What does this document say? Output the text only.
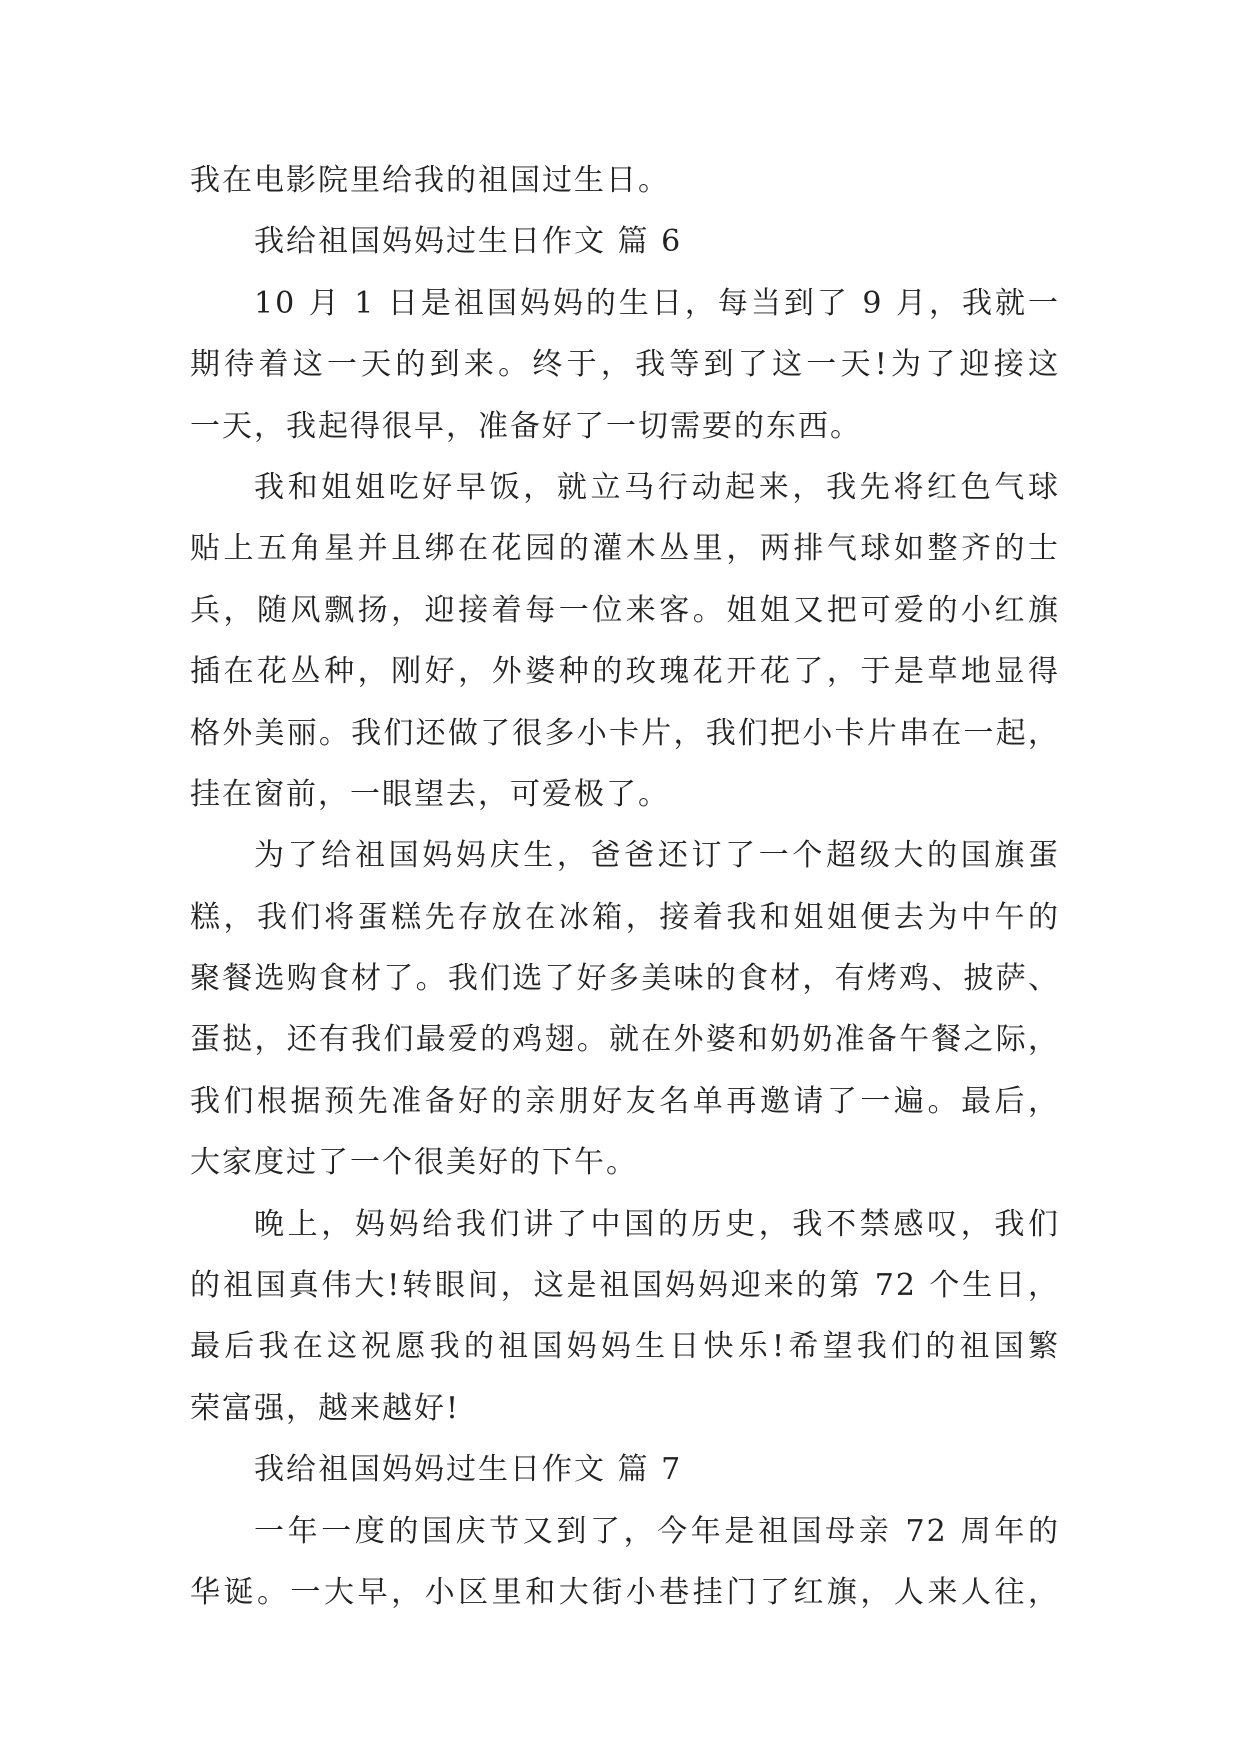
我在电影院里给我的祖国过生日。
我给祖国妈妈过生日作文 篇 6
10 月 1 日是祖国妈妈的生日，每当到了 9 月，我就一
期待着这一天的到来。终于，我等到了这一天!为了迎接这
一天，我起得很早，准备好了一切需要的东西。
我和姐姐吃好早饭，就立马行动起来，我先将红色气球
贴上五角星并且绑在花园的灌木丛里，两排气球如整齐的士
兵，随风飘扬，迎接着每一位来客。姐姐又把可爱的小红旗
插在花丛种，刚好，外婆种的玫瑰花开花了，于是草地显得
格外美丽。我们还做了很多小卡片，我们把小卡片串在一起，
挂在窗前，一眼望去，可爱极了。
为了给祖国妈妈庆生，爸爸还订了一个超级大的国旗蛋
糕，我们将蛋糕先存放在冰箱，接着我和姐姐便去为中午的
聚餐选购食材了。我们选了好多美味的食材，有烤鸡、披萨、
蛋挞，还有我们最爱的鸡翅。就在外婆和奶奶准备午餐之际，
我们根据预先准备好的亲朋好友名单再邀请了一遍。最后，
大家度过了一个很美好的下午。
晚上，妈妈给我们讲了中国的历史，我不禁感叹，我们
的祖国真伟大!转眼间，这是祖国妈妈迎来的第 72 个生日，
最后我在这祝愿我的祖国妈妈生日快乐!希望我们的祖国繁
荣富强，越来越好!
我给祖国妈妈过生日作文 篇 7
一年一度的国庆节又到了，今年是祖国母亲 72 周年的
华诞。一大早，小区里和大街小巷挂门了红旗，人来人往，
